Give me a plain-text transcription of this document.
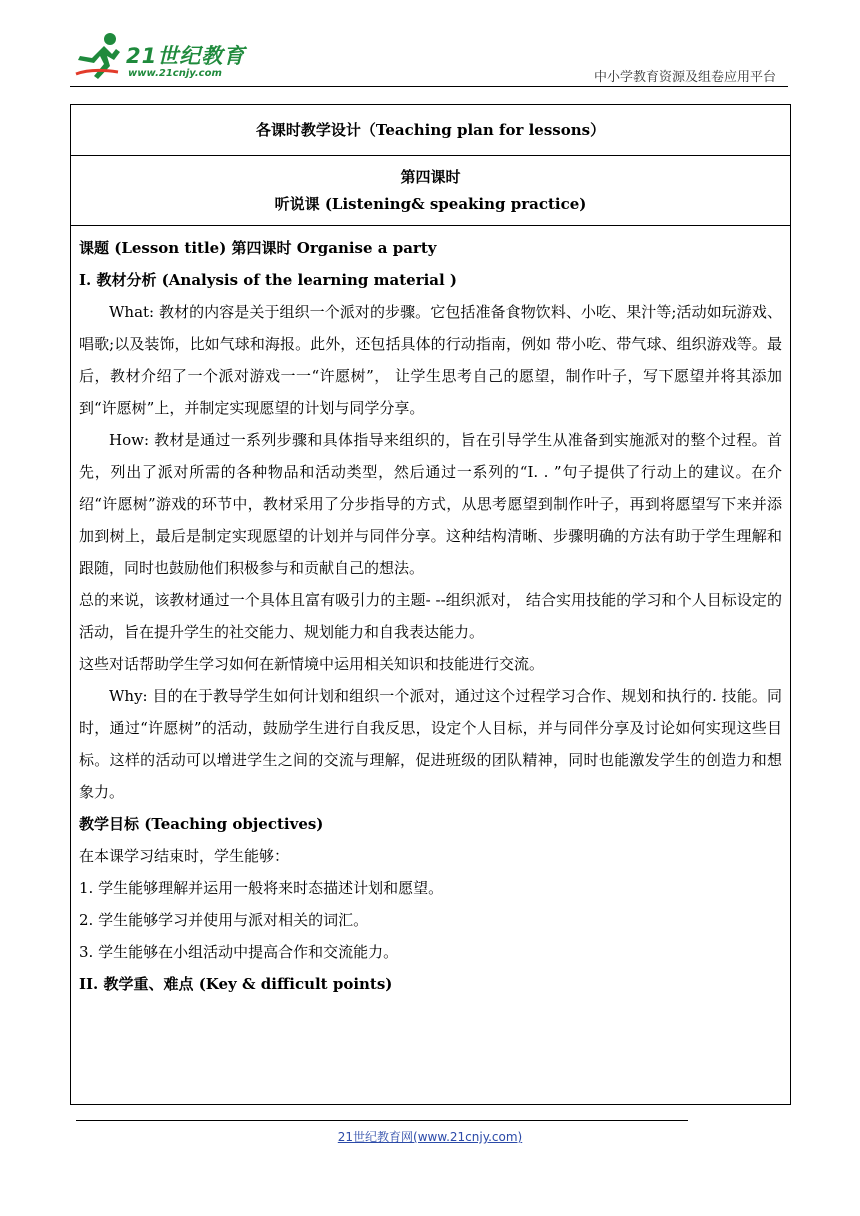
21世纪教育
www.21cnjy.com	中小学教育资源及组卷应用平台
各课时教学设计（Teaching plan for lessons）

第四课时
听说课 (Listening& speaking practice)

课题 (Lesson title) 第四课时 Organise a party

I. 教材分析 (Analysis of the learning material )

What: 教材的内容是关于组织一个派对的步骤。它包括准备食物饮料、小吃、果汁等;活动如玩游戏、唱歌;以及装饰，比如气球和海报。此外，还包括具体的行动指南，例如 带小吃、带气球、组织游戏等。最后，教材介绍了一个派对游戏一一“许愿树”， 让学生思考自己的愿望，制作叶子，写下愿望并将其添加到“许愿树”上，并制定实现愿望的计划与同学分享。

How: 教材是通过一系列步骤和具体指导来组织的，旨在引导学生从准备到实施派对的整个过程。首先，列出了派对所需的各种物品和活动类型，然后通过一系列的“I. . ”句子提供了行动上的建议。在介绍“许愿树”游戏的环节中，教材采用了分步指导的方式，从思考愿望到制作叶子，再到将愿望写下来并添加到树上，最后是制定实现愿望的计划并与同伴分享。这种结构清晰、步骤明确的方法有助于学生理解和跟随，同时也鼓励他们积极参与和贡献自己的想法。

总的来说，该教材通过一个具体且富有吸引力的主题- --组织派对， 结合实用技能的学习和个人目标设定的活动，旨在提升学生的社交能力、规划能力和自我表达能力。

这些对话帮助学生学习如何在新情境中运用相关知识和技能进行交流。

Why: 目的在于教导学生如何计划和组织一个派对，通过这个过程学习合作、规划和执行的. 技能。同时，通过“许愿树”的活动，鼓励学生进行自我反思，设定个人目标，并与同伴分享及讨论如何实现这些目标。这样的活动可以增进学生之间的交流与理解，促进班级的团队精神，同时也能激发学生的创造力和想象力。

教学目标 (Teaching objectives)

在本课学习结束时，学生能够：

1. 学生能够理解并运用一般将来时态描述计划和愿望。

2. 学生能够学习并使用与派对相关的词汇。

3. 学生能够在小组活动中提高合作和交流能力。

II. 教学重、难点 (Key & difficult points)

21世纪教育网(www.21cnjy.com)
